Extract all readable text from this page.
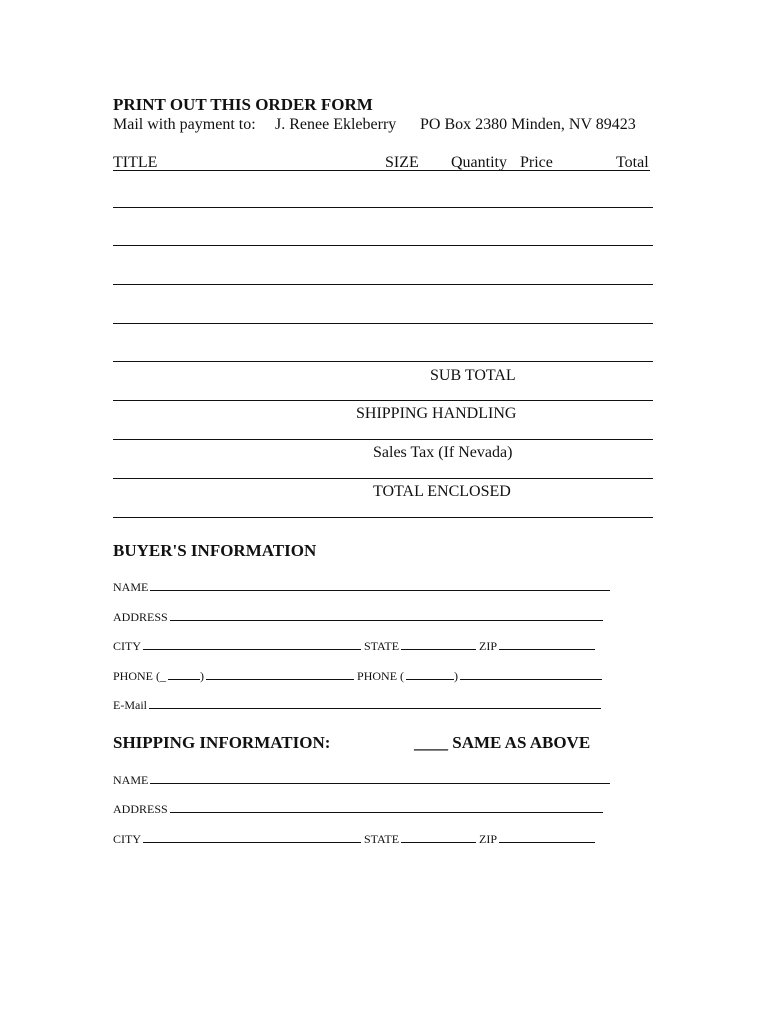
PRINT OUT THIS ORDER FORM
Mail with payment to: J. Renee Ekleberry PO Box 2380 Minden, NV 89423
TITLE	SIZE Quantity Price	Total
SUB TOTAL
SHIPPING HANDLING
Sales Tax (If Nevada)
TOTAL ENCLOSED
BUYER'S INFORMATION
NAME
ADDRESS
CITY	STATE	ZIP
PHONE (_	)	PHONE (	)
E-Mail
SHIPPING INFORMATION:	____ SAME AS ABOVE
NAME
ADDRESS
CITY	STATE	ZIP
